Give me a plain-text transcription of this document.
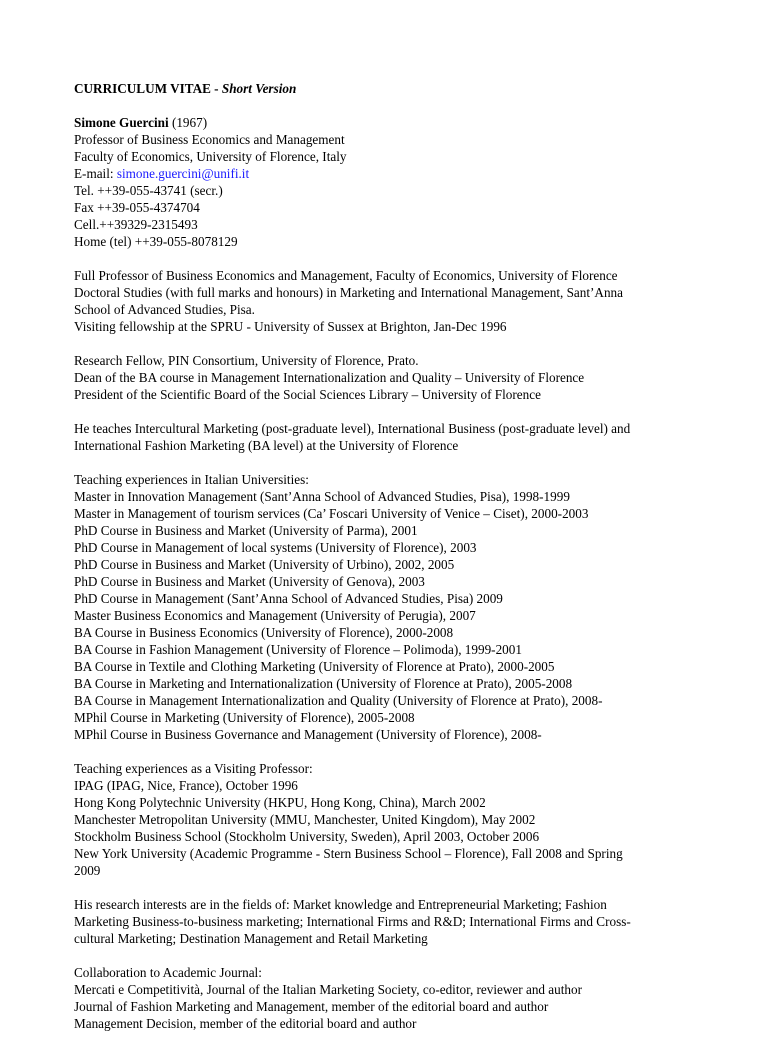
CURRICULUM VITAE - Short Version
Simone Guercini (1967)
Professor of Business Economics and Management
Faculty of Economics, University of Florence, Italy
E-mail: simone.guercini@unifi.it
Tel. ++39-055-43741 (secr.)
Fax ++39-055-4374704
Cell.++39329-2315493
Home (tel) ++39-055-8078129
Full Professor of Business Economics and Management, Faculty of Economics, University of Florence
Doctoral Studies (with full marks and honours) in Marketing and International Management, Sant’Anna
School of Advanced Studies, Pisa.
Visiting fellowship at the SPRU - University of Sussex at Brighton, Jan-Dec 1996
Research Fellow, PIN Consortium, University of Florence, Prato.
Dean of the BA course in Management Internationalization and Quality – University of Florence
President of the Scientific Board of the Social Sciences Library – University of Florence
He teaches Intercultural Marketing (post-graduate level), International Business (post-graduate level) and
International Fashion Marketing (BA level) at the University of Florence
Teaching experiences in Italian Universities:
Master in Innovation Management (Sant’Anna School of Advanced Studies, Pisa), 1998-1999
Master in Management of tourism services (Ca’ Foscari University of Venice – Ciset), 2000-2003
PhD Course in Business and Market (University of Parma), 2001
PhD Course in Management of local systems (University of Florence), 2003
PhD Course in Business and Market (University of Urbino), 2002, 2005
PhD Course in Business and Market (University of Genova), 2003
PhD Course in Management (Sant’Anna School of Advanced Studies, Pisa) 2009
Master Business Economics and Management (University of Perugia), 2007
BA Course in Business Economics (University of Florence), 2000-2008
BA Course in Fashion Management (University of Florence – Polimoda), 1999-2001
BA Course in Textile and Clothing Marketing (University of Florence at Prato), 2000-2005
BA Course in Marketing and Internationalization (University of Florence at Prato), 2005-2008
BA Course in Management Internationalization and Quality (University of Florence at Prato), 2008-
MPhil Course in Marketing (University of Florence), 2005-2008
MPhil Course in Business Governance and Management (University of Florence), 2008-
Teaching experiences as a Visiting Professor:
IPAG (IPAG, Nice, France), October 1996
Hong Kong Polytechnic University (HKPU, Hong Kong, China), March 2002
Manchester Metropolitan University (MMU, Manchester, United Kingdom), May 2002
Stockholm Business School (Stockholm University, Sweden), April 2003, October 2006
New York University (Academic Programme - Stern Business School – Florence), Fall 2008 and Spring
2009
His research interests are in the fields of: Market knowledge and Entrepreneurial Marketing; Fashion
Marketing Business-to-business marketing; International Firms and R&D; International Firms and Cross-
cultural Marketing; Destination Management and Retail Marketing
Collaboration to Academic Journal:
Mercati e Competitività, Journal of the Italian Marketing Society, co-editor, reviewer and author
Journal of Fashion Marketing and Management, member of the editorial board and author
Management Decision, member of the editorial board and author
